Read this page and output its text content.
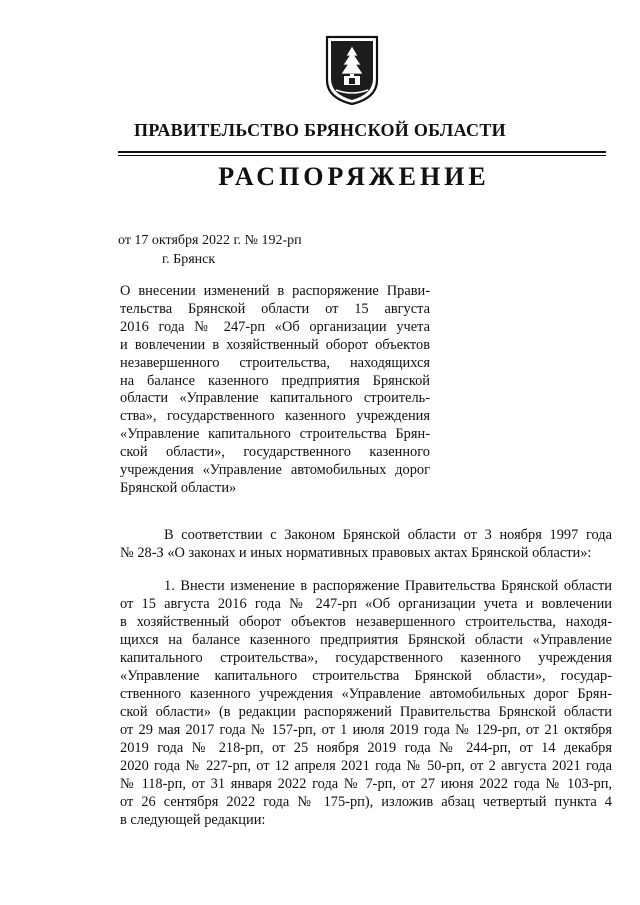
ПРАВИТЕЛЬСТВО БРЯНСКОЙ ОБЛАСТИ
РАСПОРЯЖЕНИЕ

от 17 октября 2022 г. № 192-рп

г. Брянск

О внесении изменений в распоряжение Прави-
тельства Брянской области от 15 августа
2016 года № 247-рп «Об организации учета
и вовлечении в хозяйственный оборот объектов
незавершенного строительства, находящихся
на балансе казенного предприятия Брянской
области «Управление капитального строитель-
ства», государственного казенного учреждения
«Управление капитального строительства Брян-
ской области», государственного казенного
учреждения «Управление автомобильных дорог
Брянской области»
В соответствии с Законом Брянской области от 3 ноября 1997 года
№ 28-З «О законах и иных нормативных правовых актах Брянской области»:
1. Внести изменение в распоряжение Правительства Брянской области
от 15 августа 2016 года № 247-рп «Об организации учета и вовлечении
в хозяйственный оборот объектов незавершенного строительства, находя-
щихся на балансе казенного предприятия Брянской области «Управление
капитального строительства», государственного казенного учреждения
«Управление капитального строительства Брянской области», государ-
ственного казенного учреждения «Управление автомобильных дорог Брян-
ской области» (в редакции распоряжений Правительства Брянской области
от 29 мая 2017 года № 157-рп, от 1 июля 2019 года № 129-рп, от 21 октября
2019 года № 218-рп, от 25 ноября 2019 года № 244-рп, от 14 декабря
2020 года № 227-рп, от 12 апреля 2021 года № 50-рп, от 2 августа 2021 года
№ 118-рп, от 31 января 2022 года № 7-рп, от 27 июня 2022 года № 103-рп,
от 26 сентября 2022 года № 175-рп), изложив абзац четвертый пункта 4
в следующей редакции:
